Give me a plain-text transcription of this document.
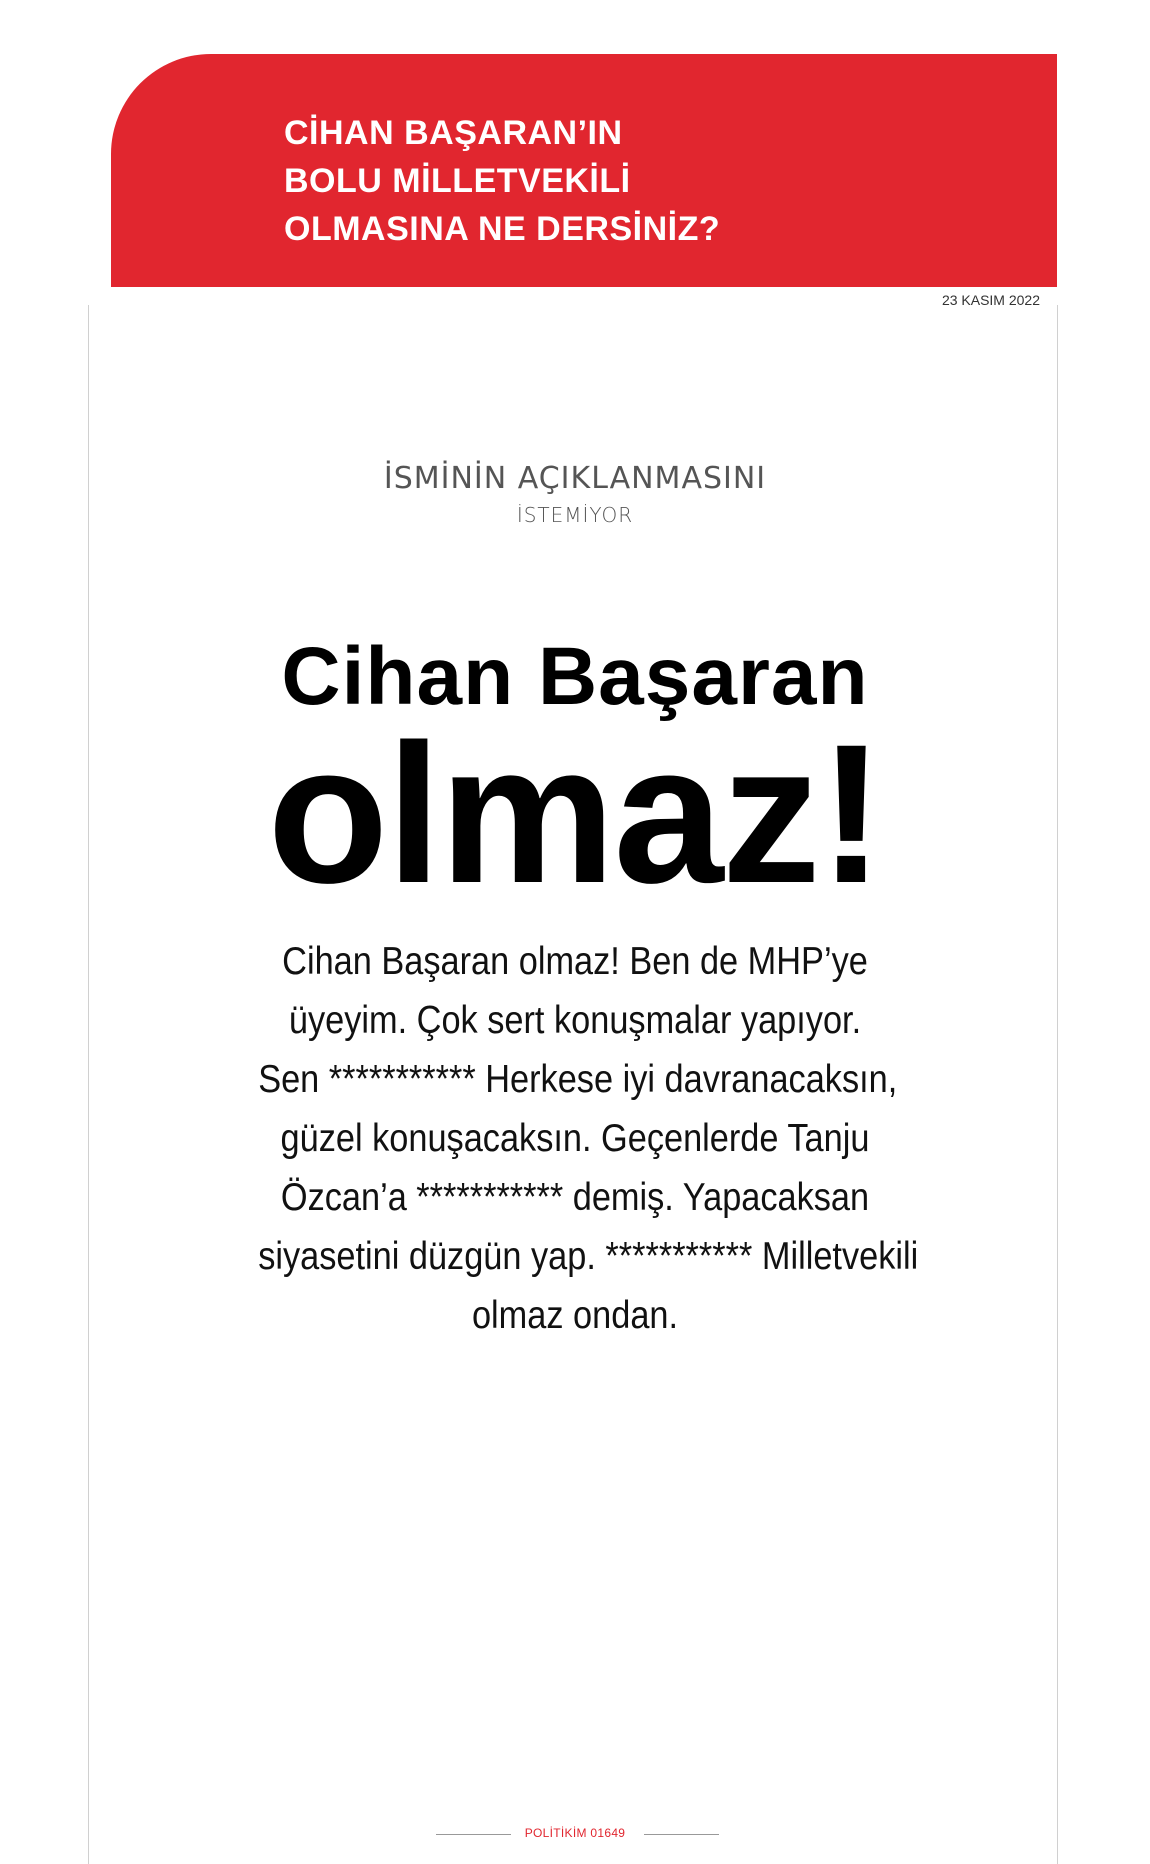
CİHAN BAŞARAN’IN
BOLU MİLLETVEKİLİ
OLMASINA NE DERSİNİZ?
23 KASIM 2022
İSMİNİN AÇIKLANMASINI
İSTEMİYOR
Cihan Başaran
olmaz!

Cihan Başaran olmaz! Ben de MHP’ye
üyeyim. Çok sert konuşmalar yapıyor.
Sen *********** Herkese iyi davranacaksın,
güzel konuşacaksın. Geçenlerde Tanju
Özcan’a *********** demiş. Yapacaksan
siyasetini düzgün yap. *********** Milletvekili
olmaz ondan.

POLİTİKİM 01649
